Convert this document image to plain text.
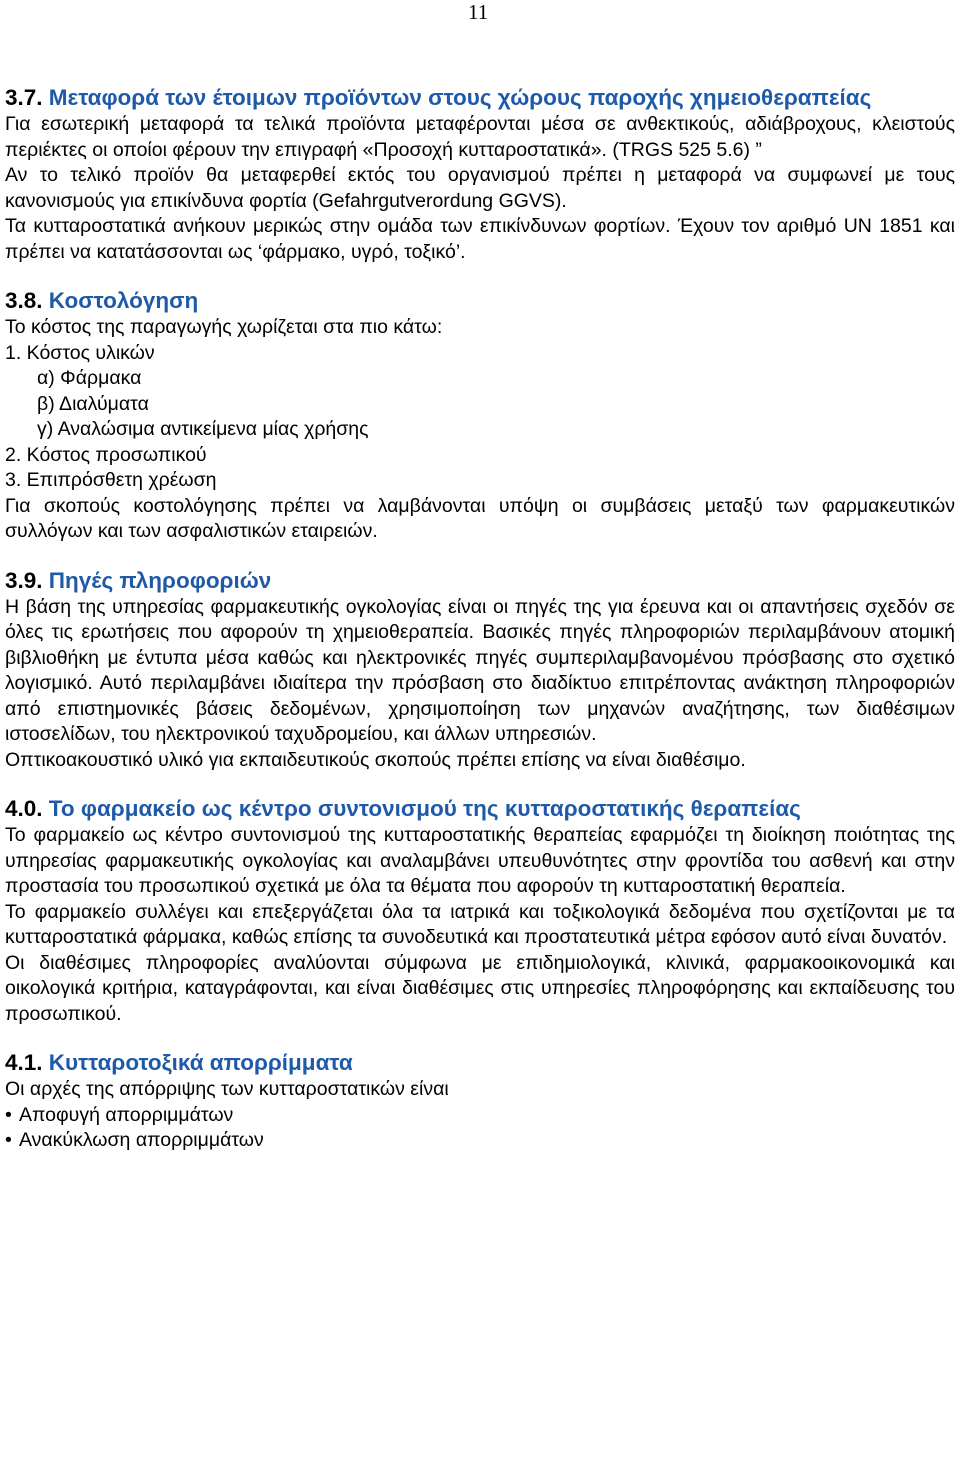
11
3.7. Μεταφορά των έτοιμων προϊόντων στους χώρους παροχής χημειοθεραπείας

Για εσωτερική μεταφορά τα τελικά προϊόντα μεταφέρονται μέσα σε ανθεκτικούς, αδιάβροχους, κλειστούς περιέκτες οι οποίοι φέρουν την επιγραφή «Προσοχή κυτταροστατικά». (TRGS 525 5.6) ”

Αν το τελικό προϊόν θα μεταφερθεί εκτός του οργανισμού πρέπει η μεταφορά να συμφωνεί με τους κανονισμούς για επικίνδυνα φορτία (Gefahrgutverordung GGVS).

Τα κυτταροστατικά ανήκουν μερικώς στην ομάδα των επικίνδυνων φορτίων. Έχουν τον αριθμό UN 1851 και πρέπει να κατατάσσονται ως ‘φάρμακο, υγρό, τοξικό’.

3.8. Κοστολόγηση

Το κόστος της παραγωγής χωρίζεται στα πιο κάτω:

1. Κόστος υλικών

α) Φάρμακα

β) Διαλύματα

γ) Αναλώσιμα αντικείμενα μίας χρήσης

2. Κόστος προσωπικού

3. Επιπρόσθετη χρέωση

Για σκοπούς κοστολόγησης πρέπει να λαμβάνονται υπόψη οι συμβάσεις μεταξύ των φαρμακευτικών συλλόγων και των ασφαλιστικών εταιρειών.

3.9. Πηγές πληροφοριών

Η βάση της υπηρεσίας φαρμακευτικής ογκολογίας είναι οι πηγές της για έρευνα και οι απαντήσεις σχεδόν σε όλες τις ερωτήσεις που αφορούν τη χημειοθεραπεία. Βασικές πηγές πληροφοριών περιλαμβάνουν ατομική βιβλιοθήκη με έντυπα μέσα καθώς και ηλεκτρονικές πηγές συμπεριλαμβανομένου πρόσβασης στο σχετικό λογισμικό. Αυτό περιλαμβάνει ιδιαίτερα την πρόσβαση στο διαδίκτυο επιτρέποντας ανάκτηση πληροφοριών από επιστημονικές βάσεις δεδομένων, χρησιμοποίηση των μηχανών αναζήτησης, των διαθέσιμων ιστοσελίδων, του ηλεκτρονικού ταχυδρομείου, και άλλων υπηρεσιών.

Οπτικοακουστικό υλικό για εκπαιδευτικούς σκοπούς πρέπει επίσης να είναι διαθέσιμο.

4.0. Το φαρμακείο ως κέντρο συντονισμού της κυτταροστατικής θεραπείας

Το φαρμακείο ως κέντρο συντονισμού της κυτταροστατικής θεραπείας εφαρμόζει τη διοίκηση ποιότητας της υπηρεσίας φαρμακευτικής ογκολογίας και αναλαμβάνει υπευθυνότητες στην φροντίδα του ασθενή και στην προστασία του προσωπικού σχετικά με όλα τα θέματα που αφορούν τη κυτταροστατική θεραπεία.

Το φαρμακείο συλλέγει και επεξεργάζεται όλα τα ιατρικά και τοξικολογικά δεδομένα που σχετίζονται με τα κυτταροστατικά φάρμακα, καθώς επίσης τα συνοδευτικά και προστατευτικά μέτρα εφόσον αυτό είναι δυνατόν.

Οι διαθέσιμες πληροφορίες αναλύονται σύμφωνα με επιδημιολογικά, κλινικά, φαρμακοοικονομικά και οικολογικά κριτήρια, καταγράφονται, και είναι διαθέσιμες στις υπηρεσίες πληροφόρησης και εκπαίδευσης του προσωπικού.

4.1. Κυτταροτοξικά απορρίμματα

Οι αρχές της απόρριψης των κυτταροστατικών είναι

• Αποφυγή απορριμμάτων
• Ανακύκλωση απορριμμάτων
